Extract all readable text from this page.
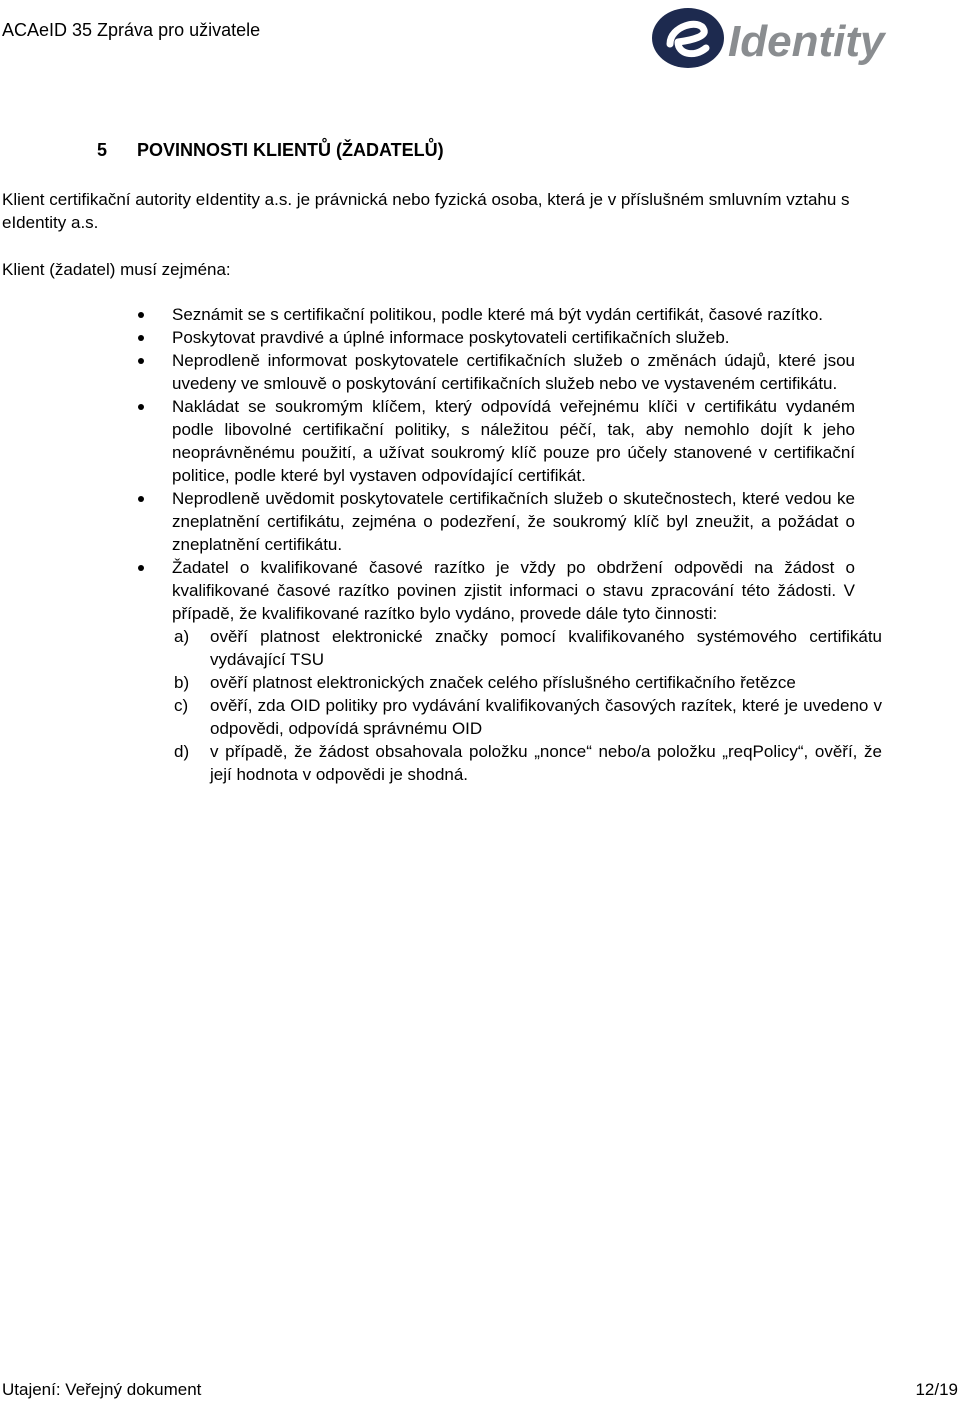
ACAeID 35 Zpráva pro uživatele	Identity
5 POVINNOSTI KLIENTŮ (ŽADATELŮ)
Klient certifikační autority eIdentity a.s. je právnická nebo fyzická osoba, která je v příslušném smluvním vztahu s eIdentity a.s.
Klient (žadatel) musí zejména:
Seznámit se s certifikační politikou, podle které má být vydán certifikát, časové razítko.
Poskytovat pravdivé a úplné informace poskytovateli certifikačních služeb.
Neprodleně informovat poskytovatele certifikačních služeb o změnách údajů, které jsou uvedeny ve smlouvě o poskytování certifikačních služeb nebo ve vystaveném certifikátu.
Nakládat se soukromým klíčem, který odpovídá veřejnému klíči v certifikátu vydaném podle libovolné certifikační politiky, s náležitou péčí, tak, aby nemohlo dojít k jeho neoprávněnému použití, a užívat soukromý klíč pouze pro účely stanovené v certifikační politice, podle které byl vystaven odpovídající certifikát.
Neprodleně uvědomit poskytovatele certifikačních služeb o skutečnostech, které vedou ke zneplatnění certifikátu, zejména o podezření, že soukromý klíč byl zneužit, a požádat o zneplatnění certifikátu.
Žadatel o kvalifikované časové razítko je vždy po obdržení odpovědi na žádost o kvalifikované časové razítko povinen zjistit informaci o stavu zpracování této žádosti. V případě, že kvalifikované razítko bylo vydáno, provede dále tyto činnosti:
a) ověří platnost elektronické značky pomocí kvalifikovaného systémového certifikátu vydávající TSU
b) ověří platnost elektronických značek celého příslušného certifikačního řetězce
c) ověří, zda OID politiky pro vydávání kvalifikovaných časových razítek, které je uvedeno v odpovědi, odpovídá správnému OID
d) v případě, že žádost obsahovala položku „nonce“ nebo/a položku „reqPolicy“, ověří, že její hodnota v odpovědi je shodná.
Utajení: Veřejný dokument	12/19
